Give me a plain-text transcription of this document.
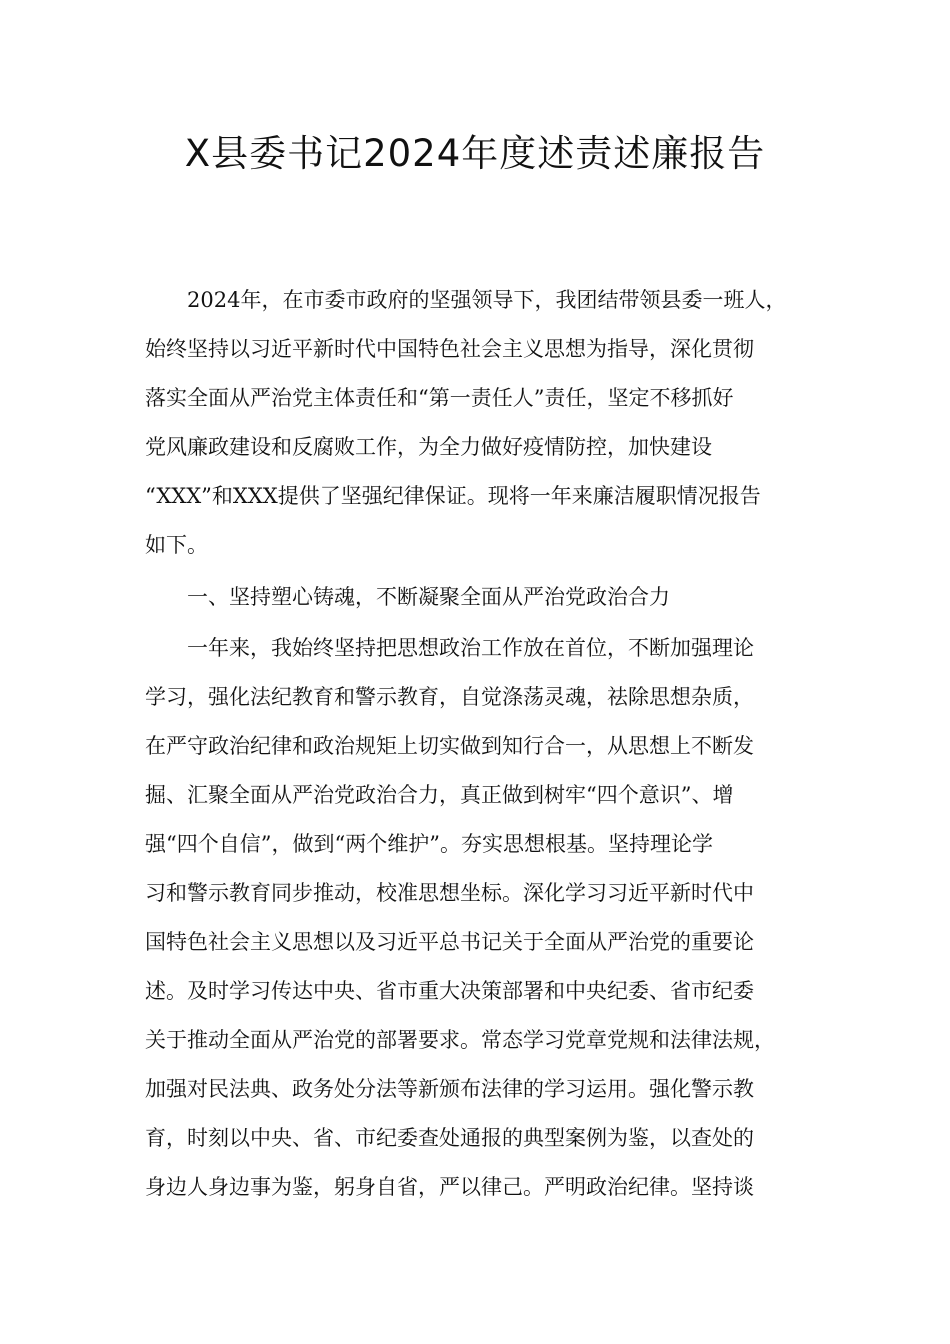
X县委书记2024年度述责述廉报告
2024年，在市委市政府的坚强领导下，我团结带领县委一班人，
始终坚持以习近平新时代中国特色社会主义思想为指导，深化贯彻
落实全面从严治党主体责任和“第一责任人”责任，坚定不移抓好
党风廉政建设和反腐败工作，为全力做好疫情防控，加快建设
“XXX”和XXX提供了坚强纪律保证。现将一年来廉洁履职情况报告
如下。
一、坚持塑心铸魂，不断凝聚全面从严治党政治合力
一年来，我始终坚持把思想政治工作放在首位，不断加强理论
学习，强化法纪教育和警示教育，自觉涤荡灵魂，祛除思想杂质，
在严守政治纪律和政治规矩上切实做到知行合一，从思想上不断发
掘、汇聚全面从严治党政治合力，真正做到树牢“四个意识”、增
强“四个自信”，做到“两个维护”。夯实思想根基。坚持理论学
习和警示教育同步推动，校准思想坐标。深化学习习近平新时代中
国特色社会主义思想以及习近平总书记关于全面从严治党的重要论
述。及时学习传达中央、省市重大决策部署和中央纪委、省市纪委
关于推动全面从严治党的部署要求。常态学习党章党规和法律法规，
加强对民法典、政务处分法等新颁布法律的学习运用。强化警示教
育，时刻以中央、省、市纪委查处通报的典型案例为鉴，以查处的
身边人身边事为鉴，躬身自省，严以律己。严明政治纪律。坚持谈
